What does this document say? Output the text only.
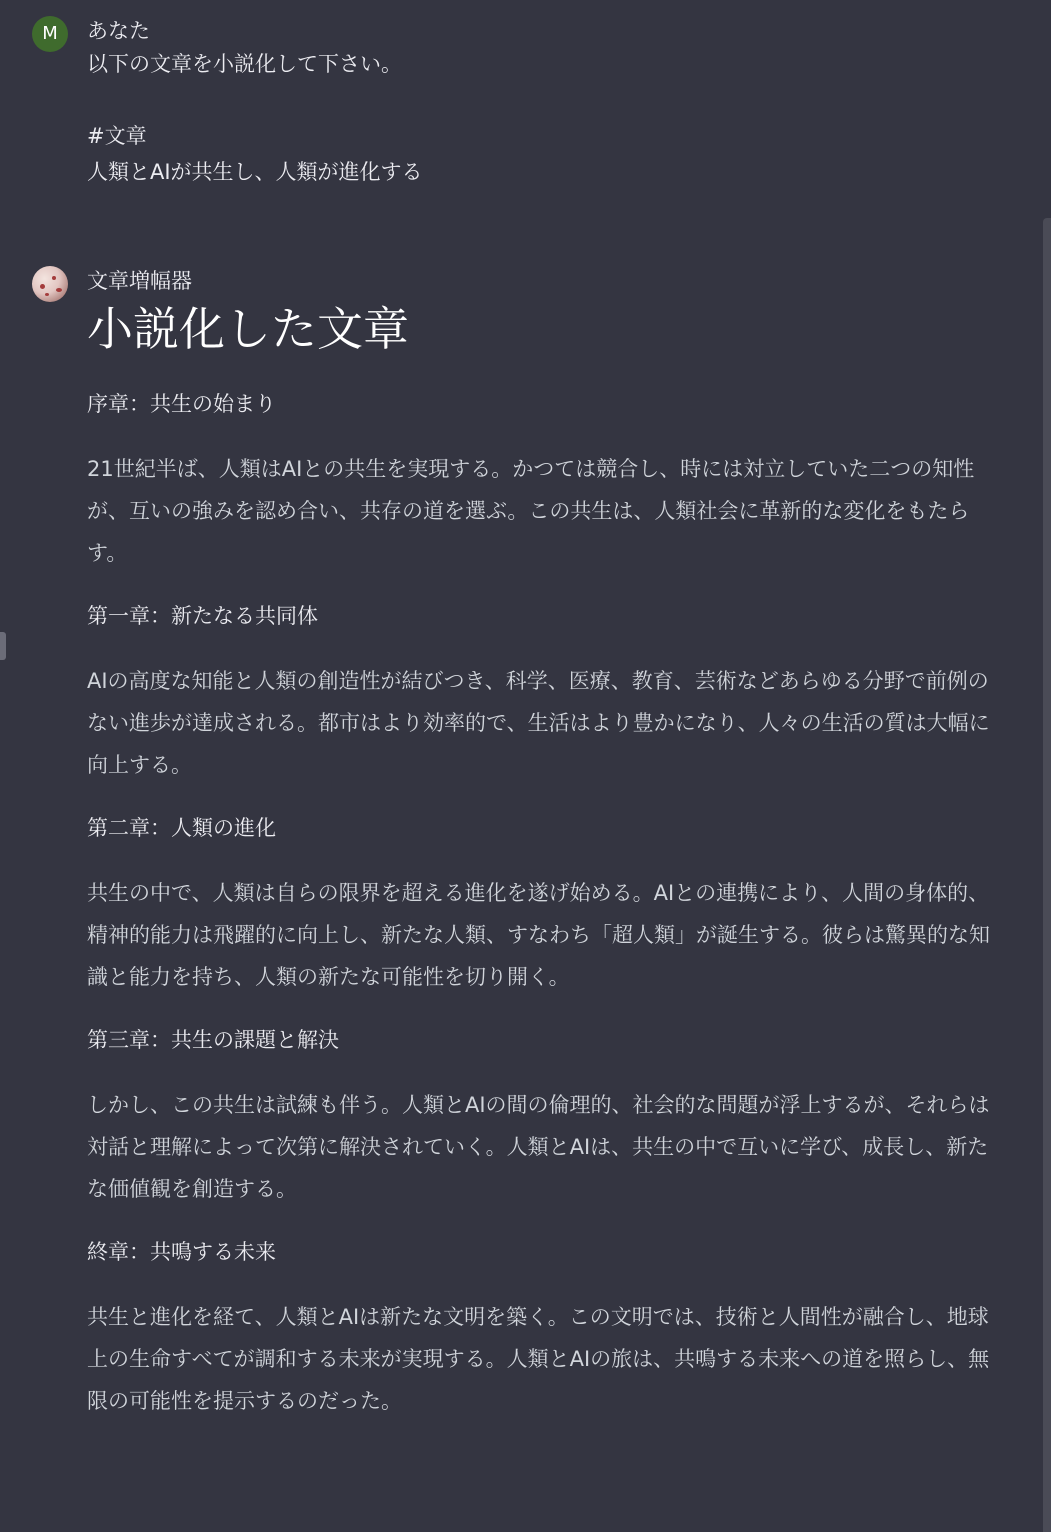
M	あなた

以下の文章を小説化して下さい。

#文章

人類とAIが共生し、人類が進化する

文章増幅器
小説化した文章

序章：共生の始まり

21世紀半ば、人類はAIとの共生を実現する。かつては競合し、時には対立していた二つの知性が、互いの強みを認め合い、共存の道を選ぶ。この共生は、人類社会に革新的な変化をもたらす。

第一章：新たなる共同体

AIの高度な知能と人類の創造性が結びつき、科学、医療、教育、芸術などあらゆる分野で前例のない進歩が達成される。都市はより効率的で、生活はより豊かになり、人々の生活の質は大幅に向上する。

第二章：人類の進化

共生の中で、人類は自らの限界を超える進化を遂げ始める。AIとの連携により、人間の身体的、精神的能力は飛躍的に向上し、新たな人類、すなわち「超人類」が誕生する。彼らは驚異的な知識と能力を持ち、人類の新たな可能性を切り開く。

第三章：共生の課題と解決

しかし、この共生は試練も伴う。人類とAIの間の倫理的、社会的な問題が浮上するが、それらは対話と理解によって次第に解決されていく。人類とAIは、共生の中で互いに学び、成長し、新たな価値観を創造する。

終章：共鳴する未来

共生と進化を経て、人類とAIは新たな文明を築く。この文明では、技術と人間性が融合し、地球上の生命すべてが調和する未来が実現する。人類とAIの旅は、共鳴する未来への道を照らし、無限の可能性を提示するのだった。
